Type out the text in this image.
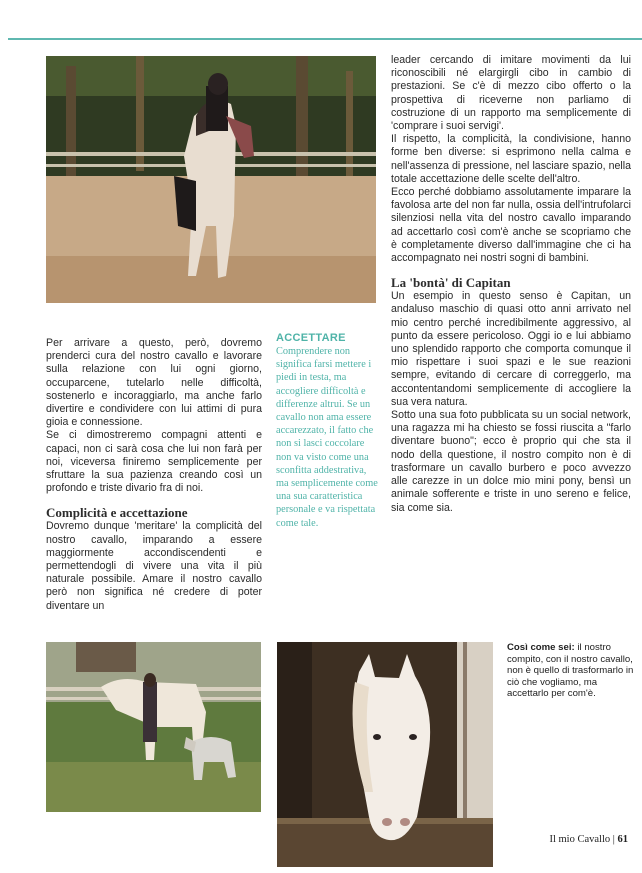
Per arrivare a questo, però, dovremo prenderci cura del nostro cavallo e lavorare sulla relazione con lui ogni giorno, occuparcene, tutelarlo nelle difficoltà, sostenerlo e incoraggiarlo, ma anche farlo divertire e condividere con lui attimi di pura gioia e connessione.

Se ci dimostreremo compagni attenti e capaci, non ci sarà cosa che lui non farà per noi, viceversa finiremo semplicemente per sfruttare la sua pazienza creando così un profondo e triste divario fra di noi.

Complicità e accettazione

Dovremo dunque 'meritare' la complicità del nostro cavallo, imparando a essere maggiormente accondiscendenti e permettendogli di vivere una vita il più naturale possibile. Amare il nostro cavallo però non significa né credere di poter diventare un

ACCETTARE

Comprendere non significa farsi mettere i piedi in testa, ma accogliere difficoltà e differenze altrui. Se un cavallo non ama essere accarezzato, il fatto che non si lasci coccolare non va visto come una sconfitta addestrativa, ma semplicemente come una sua caratteristica personale e va rispettata come tale.

leader cercando di imitare movimenti da lui riconoscibili né elargirgli cibo in cambio di prestazioni. Se c'è di mezzo cibo offerto o la prospettiva di riceverne non parliamo di costruzione di un rapporto ma semplicemente di 'comprare i suoi servigi'.

Il rispetto, la complicità, la condivisione, hanno forme ben diverse: si esprimono nella calma e nell'assenza di pressione, nel lasciare spazio, nella totale accettazione delle scelte dell'altro.

Ecco perché dobbiamo assolutamente imparare la favolosa arte del non far nulla, ossia dell'intrufolarci silenziosi nella vita del nostro cavallo imparando ad accettarlo così com'è anche se scopriamo che è completamente diverso dall'immagine che ci ha accompagnato nei nostri sogni di bambini.

La 'bontà' di Capitan

Un esempio in questo senso è Capitan, un andaluso maschio di quasi otto anni arrivato nel mio centro perché incredibilmente aggressivo, al punto da essere pericoloso. Oggi io e lui abbiamo uno splendido rapporto che comporta comunque il mio rispettare i suoi spazi e le sue reazioni sempre, evitando di cercare di correggerlo, ma accontentandomi semplicemente di accogliere la sua vera natura.

Sotto una sua foto pubblicata su un social network, una ragazza mi ha chiesto se fossi riuscita a "farlo diventare buono"; ecco è proprio qui che sta il nodo della questione, il nostro compito non è di trasformare un cavallo burbero e poco avvezzo alle carezze in un dolce mio mini pony, bensì un animale sofferente e triste in uno sereno e felice, sia come sia.

Così come sei: il nostro compito, con il nostro cavallo, non è quello di trasformarlo in ciò che vogliamo, ma accettarlo per com'è.
Il mio Cavallo | 61
